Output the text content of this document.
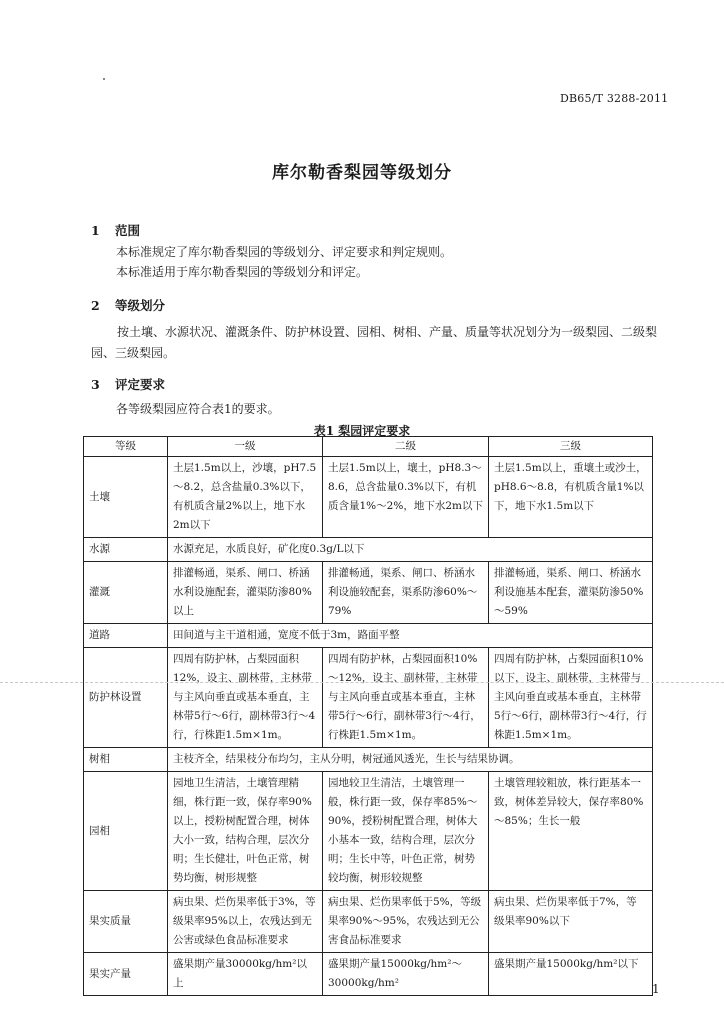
DB65/T 3288-2011
库尔勒香梨园等级划分
1 范围
本标准规定了库尔勒香梨园的等级划分、评定要求和判定规则。
本标准适用于库尔勒香梨园的等级划分和评定。
2 等级划分
按土壤、水源状况、灌溉条件、防护林设置、园相、树相、产量、质量等状况划分为一级梨园、二级梨园、三级梨园。
3 评定要求
各等级梨园应符合表1的要求。
表1 梨园评定要求
等级	一级	二级	三级
土壤	土层1.5m以上，沙壤，pH7.5～8.2，总含盐量0.3%以下，有机质含量2%以上，地下水2m以下	土层1.5m以上，壤土，pH8.3～8.6，总含盐量0.3%以下，有机质含量1%～2%，地下水2m以下	土层1.5m以上，重壤土或沙土，pH8.6～8.8，有机质含量1%以下，地下水1.5m以下
水源	水源充足，水质良好，矿化度0.3g/L以下		
灌溉	排灌畅通，渠系、闸口、桥涵水利设施配套，灌渠防渗80%以上	排灌畅通，渠系、闸口、桥涵水利设施较配套，渠系防渗60%～79%	排灌畅通，渠系、闸口、桥涵水利设施基本配套，灌渠防渗50%～59%
道路	田间道与主干道相通，宽度不低于3m，路面平整		
防护林设置	四周有防护林，占梨园面积12%，设主、副林带，主林带与主风向垂直或基本垂直，主林带5行～6行，副林带3行～4行，行株距1.5m×1m。	四周有防护林，占梨园面积10%～12%，设主、副林带，主林带与主风向垂直或基本垂直，主林带5行～6行，副林带3行～4行，行株距1.5m×1m。	四周有防护林，占梨园面积10%以下，设主、副林带，主林带与主风向垂直或基本垂直，主林带5行～6行，副林带3行～4行，行株距1.5m×1m。
树相	主枝齐全，结果枝分布均匀，主从分明，树冠通风透光，生长与结果协调。		
园相	园地卫生清洁，土壤管理精细，株行距一致，保存率90%以上，授粉树配置合理，树体大小一致，结构合理，层次分明；生长健壮，叶色正常，树势均衡，树形规整	园地较卫生清洁，土壤管理一般，株行距一致，保存率85%～90%，授粉树配置合理，树体大小基本一致，结构合理，层次分明；生长中等，叶色正常，树势较均衡，树形较规整	土壤管理较粗放，株行距基本一致，树体差异较大，保存率80%～85%；生长一般
果实质量	病虫果、烂伤果率低于3%，等级果率95%以上，农残达到无公害或绿色食品标准要求	病虫果、烂伤果率低于5%，等级果率90%～95%，农残达到无公害食品标准要求	病虫果、烂伤果率低于7%，等级果率90%以下
果实产量	盛果期产量30000kg/hm²以上	盛果期产量15000kg/hm²～30000kg/hm²	盛果期产量15000kg/hm²以下
1
